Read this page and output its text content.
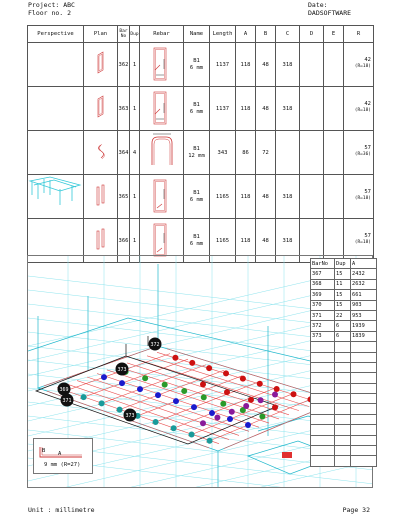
Project: ABC
Floor no. 2
Date:
DADSOFTWARE
Perspective	Plan	Bar No	Dup	Rebar	Name	Length	A	B	C	D	E	R
		362	1		B1
6 mm	1137	118	48	318			42
(R=18)

		363	1		B1
6 mm	1137	118	48	318			42
(R=18)

		364	4		B1
12 mm	343	86	72				57
(R=36)

		365	1		B1
6 mm	1165	118	48	318			57
(R=18)

		366	1		B1
6 mm	1165	118	48	318			57
(R=18)
372
373
369
371
373
BarNo	Dup	A
367	15	2432
368	11	2632
369	15	661
370	15	903
371	22	953
372	6	1939
373	6	1839

B A
9 mm (R=27)
Unit : millimetre	Page 32
